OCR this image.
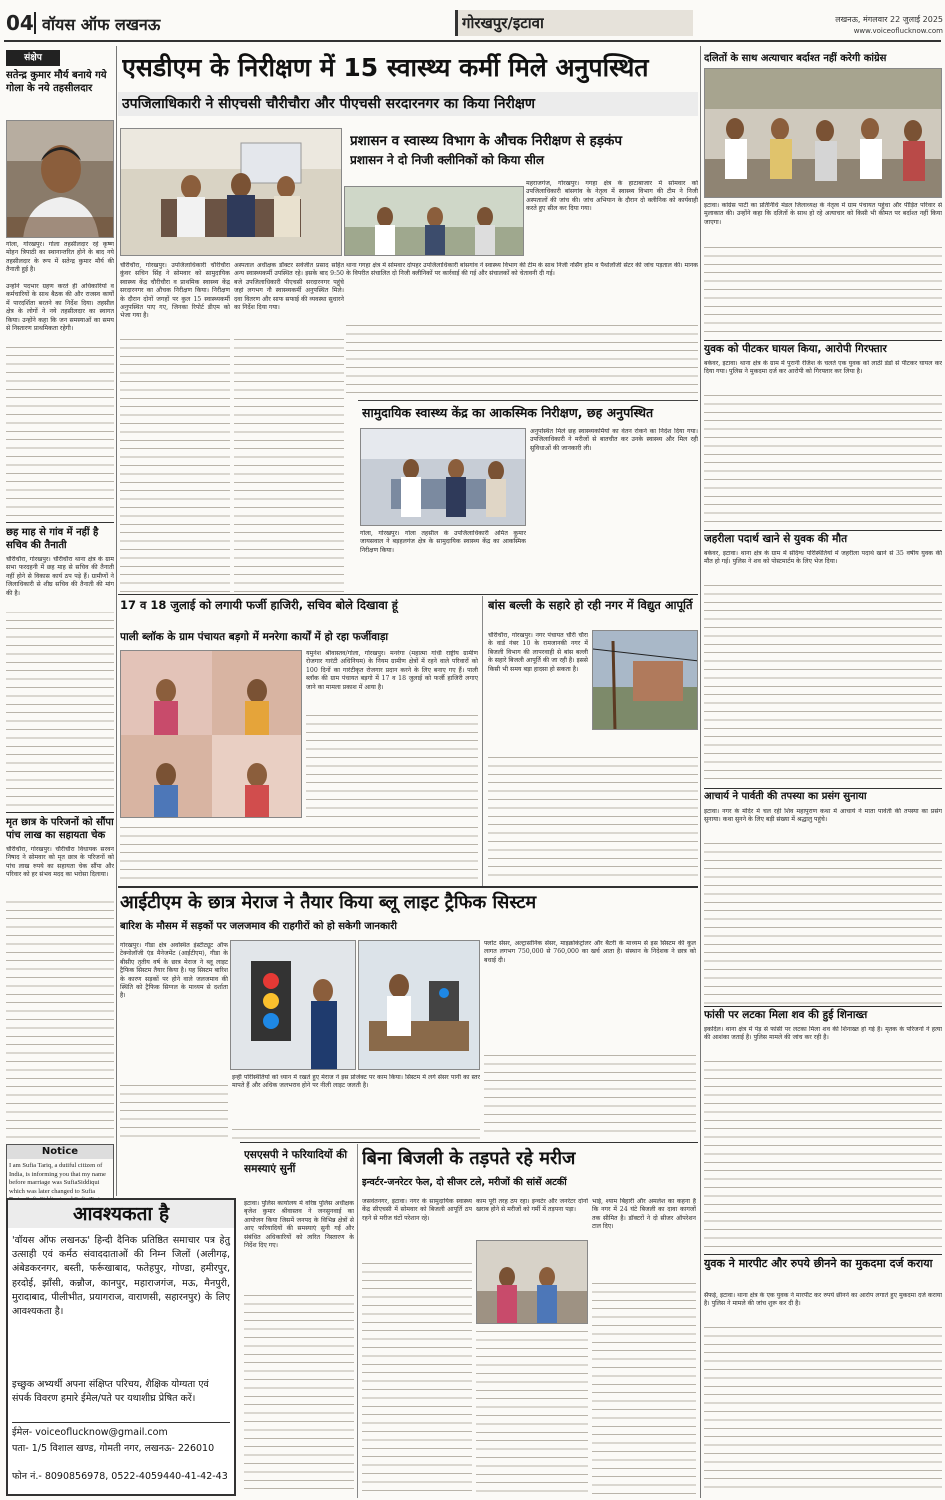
04 वॉयस ऑफ लखनऊ	गोरखपुर/इटावा	लखनऊ, मंगलवार 22 जुलाई 2025
www.voiceoflucknow.com
संक्षेप
सतेन्द्र कुमार मौर्य बनाये गये गोला के नये तहसीलदार
गोला, गोरखपुर। गोला तहसीलदार रहे कृष्ण मोहन त्रिपाठी का स्थानान्तरित होने के बाद नये तहसीलदार के रूप में सतेन्द्र कुमार मौर्य की तैनाती हुई है।
उन्होंने पदभार ग्रहण करते ही अधिकारियों व कर्मचारियों के साथ बैठक की और राजस्व कार्यों में पारदर्शिता बरतने का निर्देश दिया। तहसील क्षेत्र के लोगों ने नये तहसीलदार का स्वागत किया। उन्होंने कहा कि जन समस्याओं का समय से निस्तारण प्राथमिकता रहेगी।
छह माह से गांव में नहीं है सचिव की तैनाती
चौरीचौरा, गोरखपुर। चौरीचौरा थाना क्षेत्र के ग्राम सभा फरदहनी में छह माह से सचिव की तैनाती नहीं होने से विकास कार्य ठप पड़े हैं। ग्रामीणों ने जिलाधिकारी से शीघ्र सचिव की तैनाती की मांग की है।
मृत छात्र के परिजनों को सौंपा पांच लाख का सहायता चेक
चौरीचौरा, गोरखपुर। चौरीचौरा विधायक सरवन निषाद ने सोमवार को मृत छात्र के परिजनों को पांच लाख रुपये का सहायता चेक सौंपा और परिवार को हर संभव मदद का भरोसा दिलाया।
Notice
I am Sufia Tariq, a dutiful citizen of India, is informing you that my name before marriage was SufiaSiddiqui which was later changed to Sufia
एसडीएम के निरीक्षण में 15 स्वास्थ्य कर्मी मिले अनुपस्थित
उपजिलाधिकारी ने सीएचसी चौरीचौरा और पीएचसी सरदारनगर का किया निरीक्षण
चौरीचौरा, गोरखपुर। उपजिलाधिकारी चौरीचौरा कुंवर सचिन सिंह ने सोमवार को सामुदायिक स्वास्थ्य केंद्र चौरीचौरा व प्राथमिक स्वास्थ्य केंद्र सरदारनगर का औचक निरीक्षण किया। निरीक्षण के दौरान दोनों जगहों पर कुल 15 स्वास्थ्यकर्मी अनुपस्थित पाए गए, जिनका रिपोर्ट डीएम को भेजा गया है।
अस्पताल अधीक्षक डॉक्टर सर्वजीत प्रसाद सहित अन्य स्वास्थ्यकर्मी उपस्थित रहे। इसके बाद 9:50 बजे उपजिलाधिकारी पीएचसी सरदारनगर पहुंचे जहां लगभग नौ स्वास्थ्यकर्मी अनुपस्थित मिले। दवा वितरण और साफ सफाई की व्यवस्था सुधारने का निर्देश दिया गया।
प्रशासन व स्वास्थ्य विभाग के औचक निरीक्षण से हड़कंप
प्रशासन ने दो निजी क्लीनिकों को किया सील
महराजगंज, गोरखपुर। गगहा क्षेत्र के हाटाबाजार में सोमवार को उपजिलाधिकारी बांसगांव के नेतृत्व में स्वास्थ्य विभाग की टीम ने निजी अस्पतालों की जांच की। जांच अभियान के दौरान दो क्लीनिक को कार्यवाही करते हुए सील कर दिया गया।
थाना गगहा क्षेत्र में सोमवार दोपहर उपजिलाधिकारी बांसगांव ने स्वास्थ्य विभाग की टीम के साथ निजी नर्सिंग होम व पैथोलॉजी सेंटर की जांच पड़ताल की। मानक के विपरीत संचालित दो निजी क्लीनिकों पर कार्रवाई की गई और संचालकों को चेतावनी दी गई।
सामुदायिक स्वास्थ्य केंद्र का आकस्मिक निरीक्षण, छह अनुपस्थित
गोला, गोरखपुर। गोला तहसील के उपजिलाधिकारी अमित कुमार जायसवाल ने बड़हलगंज क्षेत्र के सामुदायिक स्वास्थ्य केंद्र का आकस्मिक निरीक्षण किया।
अनुपस्थित मिले छह स्वास्थ्यकर्मियों का वेतन रोकने का निर्देश दिया गया। उपजिलाधिकारी ने मरीजों से बातचीत कर उनके स्वास्थ्य और मिल रही सुविधाओं की जानकारी ली।
17 व 18 जुलाई को लगायी फर्जी हाजिरी, सचिव बोले दिखावा हूं
पाली ब्लॉक के ग्राम पंचायत बड़गो में मनरेगा कार्यों में हो रहा फर्जीवाड़ा
यमुनेश श्रीवास्तव/गोला, गोरखपुर। मनरेगा (महात्मा गांधी राष्ट्रीय ग्रामीण रोजगार गारंटी अधिनियम) के नियम ग्रामीण क्षेत्रों में रहने वाले परिवारों को 100 दिनों का गारंटीकृत रोजगार प्रदान करने के लिए बनाए गए हैं। पाली ब्लॉक की ग्राम पंचायत बड़गो में 17 व 18 जुलाई को फर्जी हाजिरी लगाए जाने का मामला प्रकाश में आया है।
बांस बल्ली के सहारे हो रही नगर में विद्युत आपूर्ति
चौरीचौरा, गोरखपुर। नगर पंचायत चौरी चौरा के वार्ड नंबर 10 के रामजानकी नगर में बिजली विभाग की लापरवाही से बांस बल्ली के सहारे बिजली आपूर्ति की जा रही है। इससे किसी भी समय बड़ा हादसा हो सकता है।
आईटीएम के छात्र मेराज ने तैयार किया ब्लू लाइट ट्रैफिक सिस्टम
बारिश के मौसम में सड़कों पर जलजमाव की राहगीरों को हो सकेगी जानकारी
गोरखपुर। गीडा क्षेत्र अवस्थित इंस्टीट्यूट ऑफ टेक्नोलॉजी एंड मैनेजमेंट (आईटीएम), गीडा के बीसीए तृतीय वर्ष के छात्र मेराज ने ब्लू लाइट ट्रैफिक सिस्टम तैयार किया है। यह सिस्टम बारिश के कारण सड़कों पर होने वाले जलजमाव की स्थिति को ट्रैफिक सिग्नल के माध्यम से दर्शाता है।
इन्हीं परिस्थितियों को ध्यान में रखते हुए मेराज ने इस प्रोजेक्ट पर काम किया। सिस्टम में लगे सेंसर पानी का स्तर मापते हैं और अधिक जलभराव होने पर नीली लाइट जलती है।
फ्लोट सेंसर, अल्ट्रासोनिक सेंसर, माइक्रोकंट्रोलर और बैटरी के माध्यम से इस सिस्टम की कुल लागत लगभग 750,000 से 760,000 का खर्च आता है। संस्थान के निदेशक ने छात्र को बधाई दी।
एसएसपी ने फरियादियों की समस्याएं सुनीं
इटावा। पुलिस कार्यालय में वरिष्ठ पुलिस अधीक्षक बृजेश कुमार श्रीवास्तव ने जनसुनवाई का आयोजन किया जिसमें जनपद के विभिन्न क्षेत्रों से आए फरियादियों की समस्याएं सुनी गईं और संबंधित अधिकारियों को त्वरित निस्तारण के निर्देश दिए गए।
बिना बिजली के तड़पते रहे मरीज
इन्वर्टर-जनरेटर फेल, दो सीजर टले, मरीजों की सांसें अटकीं
जसवंतनगर, इटावा। नगर के सामुदायिक स्वास्थ्य केंद्र सीएचसी में सोमवार को बिजली आपूर्ति ठप रहने से मरीज घंटों परेशान रहे।
काम पूरी तरह ठप रहा। इन्वर्टर और जनरेटर दोनों खराब होने से मरीजों को गर्मी में तड़पना पड़ा।
भाई, श्याम बिहारी और अमलेश का कहना है कि नगर में 24 घंटे बिजली का दावा कागजों तक सीमित है। डॉक्टरों ने दो सीजर ऑपरेशन टाल दिए।
आवश्यकता है
'वॉयस ऑफ लखनऊ' हिन्दी दैनिक प्रतिष्ठित समाचार पत्र हेतु उत्साही एवं कर्मठ संवाददाताओं की निम्न जिलों (अलीगढ़, अंबेडकरनगर, बस्ती, फर्रूखाबाद, फतेहपुर, गोण्डा, हमीरपुर, हरदोई, झाँसी, कन्नौज, कानपुर, महाराजगंज, मऊ, मैनपुरी, मुरादाबाद, पीलीभीत, प्रयागराज, वाराणसी, सहारनपुर) के लिए आवश्यकता है।
इच्छुक अभ्यर्थी अपना संक्षिप्त परिचय, शैक्षिक योग्यता एवं संपर्क विवरण हमारे ईमेल/पते पर यथाशीघ्र प्रेषित करें।
ईमेल- voiceoflucknow@gmail.com
पता- 1/5 विशाल खण्ड, गोमती नगर, लखनऊ- 226010
फोन नं.- 8090856978, 0522-4059440-41-42-43
दलितों के साथ अत्याचार बर्दाश्त नहीं करेगी कांग्रेस
इटावा। कांग्रेस पार्टी का प्रतिनिधि मंडल जिलाध्यक्ष के नेतृत्व में ग्राम पंचायत पहुंचा और पीड़ित परिवार से मुलाकात की। उन्होंने कहा कि दलितों के साथ हो रहे अत्याचार को किसी भी कीमत पर बर्दाश्त नहीं किया जाएगा।
युवक को पीटकर घायल किया, आरोपी गिरफ्तार
बकेवर, इटावा। थाना क्षेत्र के ग्राम में पुरानी रंजिश के चलते एक युवक को लाठी डंडों से पीटकर घायल कर दिया गया। पुलिस ने मुकदमा दर्ज कर आरोपी को गिरफ्तार कर लिया है।
जहरीला पदार्थ खाने से युवक की मौत
बकेवर, इटावा। थाना क्षेत्र के ग्राम में संदिग्ध परिस्थितियों में जहरीला पदार्थ खाने से 35 वर्षीय युवक की मौत हो गई। पुलिस ने शव को पोस्टमार्टम के लिए भेज दिया।
आचार्य ने पार्वती की तपस्या का प्रसंग सुनाया
इटावा। नगर के मंदिर में चल रही शिव महापुराण कथा में आचार्य ने माता पार्वती की तपस्या का प्रसंग सुनाया। कथा सुनने के लिए बड़ी संख्या में श्रद्धालु पहुंचे।
फांसी पर लटका मिला शव की हुई शिनाख्त
इकदिल। थाना क्षेत्र में पेड़ से फांसी पर लटका मिला शव की शिनाख्त हो गई है। मृतक के परिजनों ने हत्या की आशंका जताई है। पुलिस मामले की जांच कर रही है।
युवक ने मारपीट और रुपये छीनने का मुकदमा दर्ज कराया
सैफई, इटावा। थाना क्षेत्र के एक युवक ने मारपीट कर रुपये छीनने का आरोप लगाते हुए मुकदमा दर्ज कराया है। पुलिस ने मामले की जांच शुरू कर दी है।
